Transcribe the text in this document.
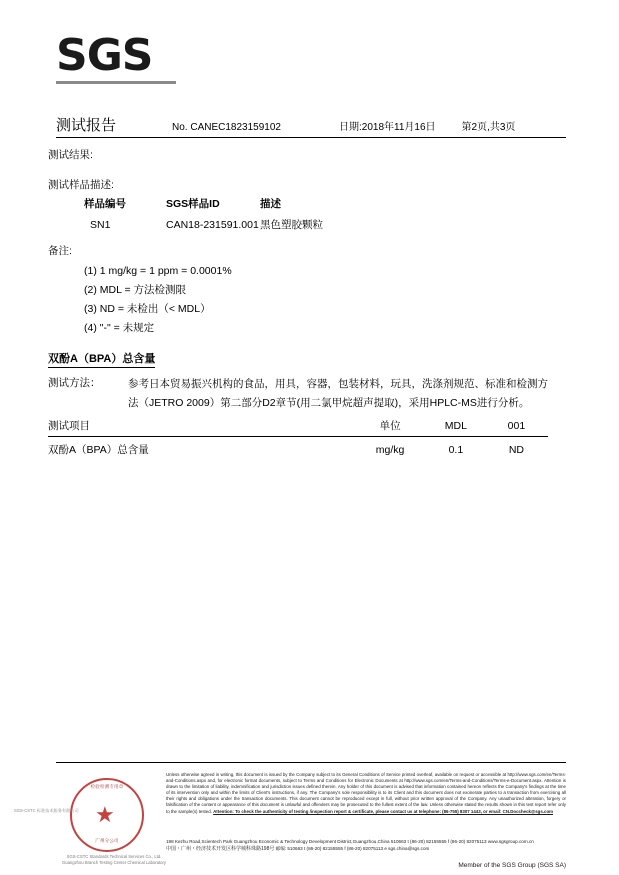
SGS
测试报告	No. CANEC1823159102	日期:2018年11月16日	第2页,共3页
测试结果:
测试样品描述:
样品编号	SGS样品ID	描述
SN1	CAN18-231591.001	黑色塑胶颗粒
备注:
(1) 1 mg/kg = 1 ppm = 0.0001%
(2) MDL = 方法检测限
(3) ND = 未检出（< MDL）
(4) "-" = 未规定
双酚A（BPA）总含量
测试方法：	参考日本贸易振兴机构的食品，用具，容器，包装材料，玩具，洗涤剂规范、标准和检测方法（JETRO 2009）第二部分D2章节(用二氯甲烷超声提取)，采用HPLC-MS进行分析。
测试项目	单位	MDL	001
双酚A（BPA）总含量	mg/kg	0.1	ND
检验检测专用章
★
广州分公司
SGS-CSTC 标准技术服务有限公司
SGS-CSTC Standards Technical Services Co., Ltd.
Guangzhou Branch Testing Center Chemical Laboratory
Unless otherwise agreed in writing, this document is issued by the Company subject to its General Conditions of Service printed overleaf, available on request or accessible at http://www.sgs.com/en/Terms-and-Conditions.aspx and, for electronic format documents, subject to Terms and Conditions for Electronic Documents at http://www.sgs.com/en/Terms-and-Conditions/Terms-e-Document.aspx. Attention is drawn to the limitation of liability, indemnification and jurisdiction issues defined therein. Any holder of this document is advised that information contained hereon reflects the Company's findings at the time of its intervention only and within the limits of Client's instructions, if any. The Company's sole responsibility is to its Client and this document does not exonerate parties to a transaction from exercising all their rights and obligations under the transaction documents. This document cannot be reproduced except in full, without prior written approval of the Company. Any unauthorized alteration, forgery or falsification of the content or appearance of this document is unlawful and offenders may be prosecuted to the fullest extent of the law. Unless otherwise stated the results shown in this test report refer only to the sample(s) tested. Attention: To check the authenticity of testing /inspection report & certificate, please contact us at telephone: (86-755) 8307 1443, or email: CN.Doccheck@sgs.com
198 Kezhu Road,Scientech Park Guangzhou Economic & Technology Development District,Guangzhou,China 510663 t (86-20) 82155555 f (86-20) 82075113 www.sgsgroup.com.cn
中国・广州・经济技术开发区科学城科珠路198号 邮编: 510663 t (86-20) 82155555 f (86-20) 82075113 e sgs.china@sgs.com
Member of the SGS Group (SGS SA)
